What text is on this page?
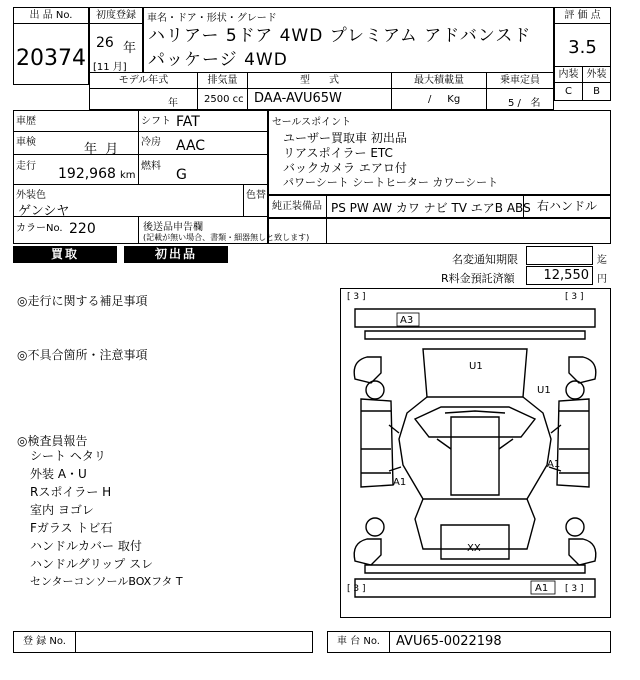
出 品 No.
20374
初度登録
26 年
[11 月]
車名・ドア・形状・グレード
ハリアー 5ドア 4WD プレミアム アドバンスドパッケージ 4WD
評 価 点
3.5
内装 外装
C	B
モデル年式	排気量	型      式	最大積載量	乗車定員
年	2500 cc DAA-AVU65W	/     Kg	5 /   名
車歴	シフト FAT
車検	年  月 冷房 AAC
走行 192,968 km
燃料
G
外装色
ゲンシヤ
色替
カラーNo. 220	後送品申告欄
(記載が無い場合、書類・細器無しと致します)
セールスポイント
ユーザー買取車 初出品
リアスポイラー ETC
バックカメラ エアロ付
パワーシート シートヒーター カワーシート
純正装備品 PS PW AW カワ ナビ TV エアB ABS 右ハンドル
買取	初出品	名変通知期限	迄
R料金預託済額 12,550 円
◎走行に関する補足事項
◎不具合箇所・注意事項
◎検査員報告
シート ヘタリ
外装 A・U
Rスポイラー H
室内 ヨゴレ
Fガラス トビ石
ハンドルカバー 取付
ハンドルグリップ スレ
センターコンソールBOXフタ T
[ 3 ]	[ 3 ]
[ 3 ]	[ 3 ]
A3
U1
U1
A1
A1
XX
A1
登 録 No.	車 台 No.	AVU65-0022198
